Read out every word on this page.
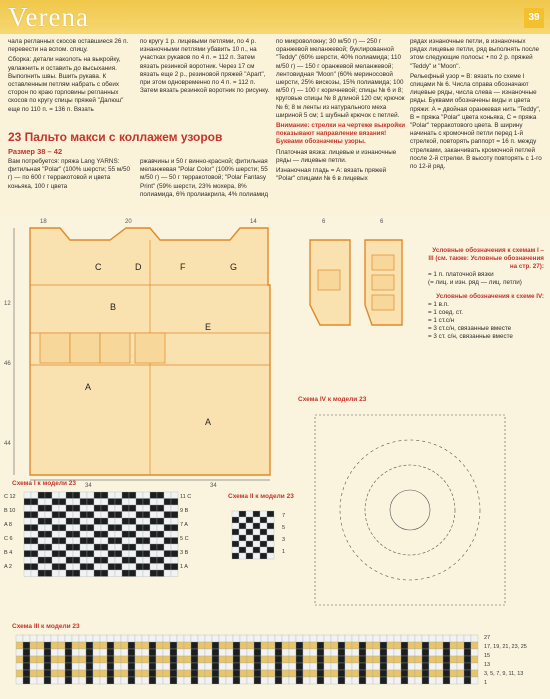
Verena	39

чала регланных скосов оставшиеся 26 п. перевести на вспом. спицу.

Сборка: детали наколоть на выкройку, увлажнить и оставить до высыхания. Выполнить швы. Вшить рукава. К оставленным петлям набрать с обеих сторон по краю горловины регланных скосов по кругу спицы пряжей "Далюш" еще по 110 п. = 136 п. Вязать

по кругу 1 р. лицевыми петлями, по 4 р. изнаночными петлями убавить 10 п., на участках рукавов по 4 п. = 112 п. Затем вязать резинкой воротник. Через 17 см вязать еще 2 р., резиновой пряжей "Apart", при этом одновременно по 4 п. = 112 п. Затем вязать резинкой воротник по рисунку.

по микроволокну; 30 м/50 г) — 250 г оранжевой меланжевой; буклированной "Teddy" (60% шерсти, 40% полиамида; 110 м/50 г) — 150 г оранжевой меланжевой; лентовидная "Moon" (60% мериносовой шерсти, 25% вискозы, 15% полиамида; 100 м/50 г) — 100 г коричневой; спицы № 6 и 8; круговые спицы № 8 длиной 120 см; крючок № 6; 8 м ленты из натурального меха шириной 5 см; 1 шубный крючок с петлей.

Внимание: стрелки на чертеже выкройки показывают направление вязания! Буквами обозначены узоры.

Платочная вязка: лицевые и изнаночные ряды — лицевые петли.

Изнаночная гладь = А: вязать пряжей "Polar" спицами № 6 в лицевых

рядах изнаночные петли, в изнаночных рядах лицевые петли, ряд выполнять после этом следующие полосы: • по 2 р. пряжей "Teddy" и "Moon".

Рельефный узор = В: вязать по схеме I спицами № 6. Числа справа обозначают лицевые ряды, числа слева — изнаночные ряды. Буквами обозначены виды и цвета пряжи: А = двойная оранжевая нить "Teddy", В = пряжа "Polar" цвета коньяка, С = пряжа "Polar" терракотового цвета. В ширину начинать с кромочной петли перед 1-й стрелкой, повторять раппорт = 16 п. между стрелками, заканчивать кромочной петлей после 2-й стрелки. В высоту повторять с 1-го по 12-й ряд.

23 Пальто макси с коллажем узоров
Размер 38 – 42

Вам потребуется: пряжа Lang YARNS: фитильная "Polar" (100% шерсти; 55 м/50 г) — по 600 г терракотовой и цвета коньяка, 100 г цвета

ржавчины и 50 г винно-красной; фитильная меланжевая "Polar Color" (100% шерсти; 55 м/50 г) — 50 г терракотовой; "Polar Fantasy Print" (59% шерсти, 23% мохера, 8% полиамида, 6% пролиакрила, 4% полиамид

C	D	F	G
B
E
A
A
18	20	14
46
12
44
34	34
6	6
Схема I к модели 23
Схема II к модели 23
Схема III к модели 23
Схема IV к модели 23
C 12
B 10
A 8
C 6
B 4
A 2
11 C
9 B
7 A
5 C
3 B
1 A
7
5
3
1
27
17, 19, 21, 23, 25
15
13
3, 5, 7, 9, 11, 13
1
Условные обозначения к схемам I – III (см. также: Условные обозначения на стр. 27):
= 1 п. платочной вязки
(= лиц. и изн. ряд — лиц. петли)
Условные обозначения к схеме IV:
= 1 в.п.
= 1 соед. ст.
= 1 ст.с/н
= 3 ст.с/н, связанные вместе
= 3 ст. с/н, связанные вместе
